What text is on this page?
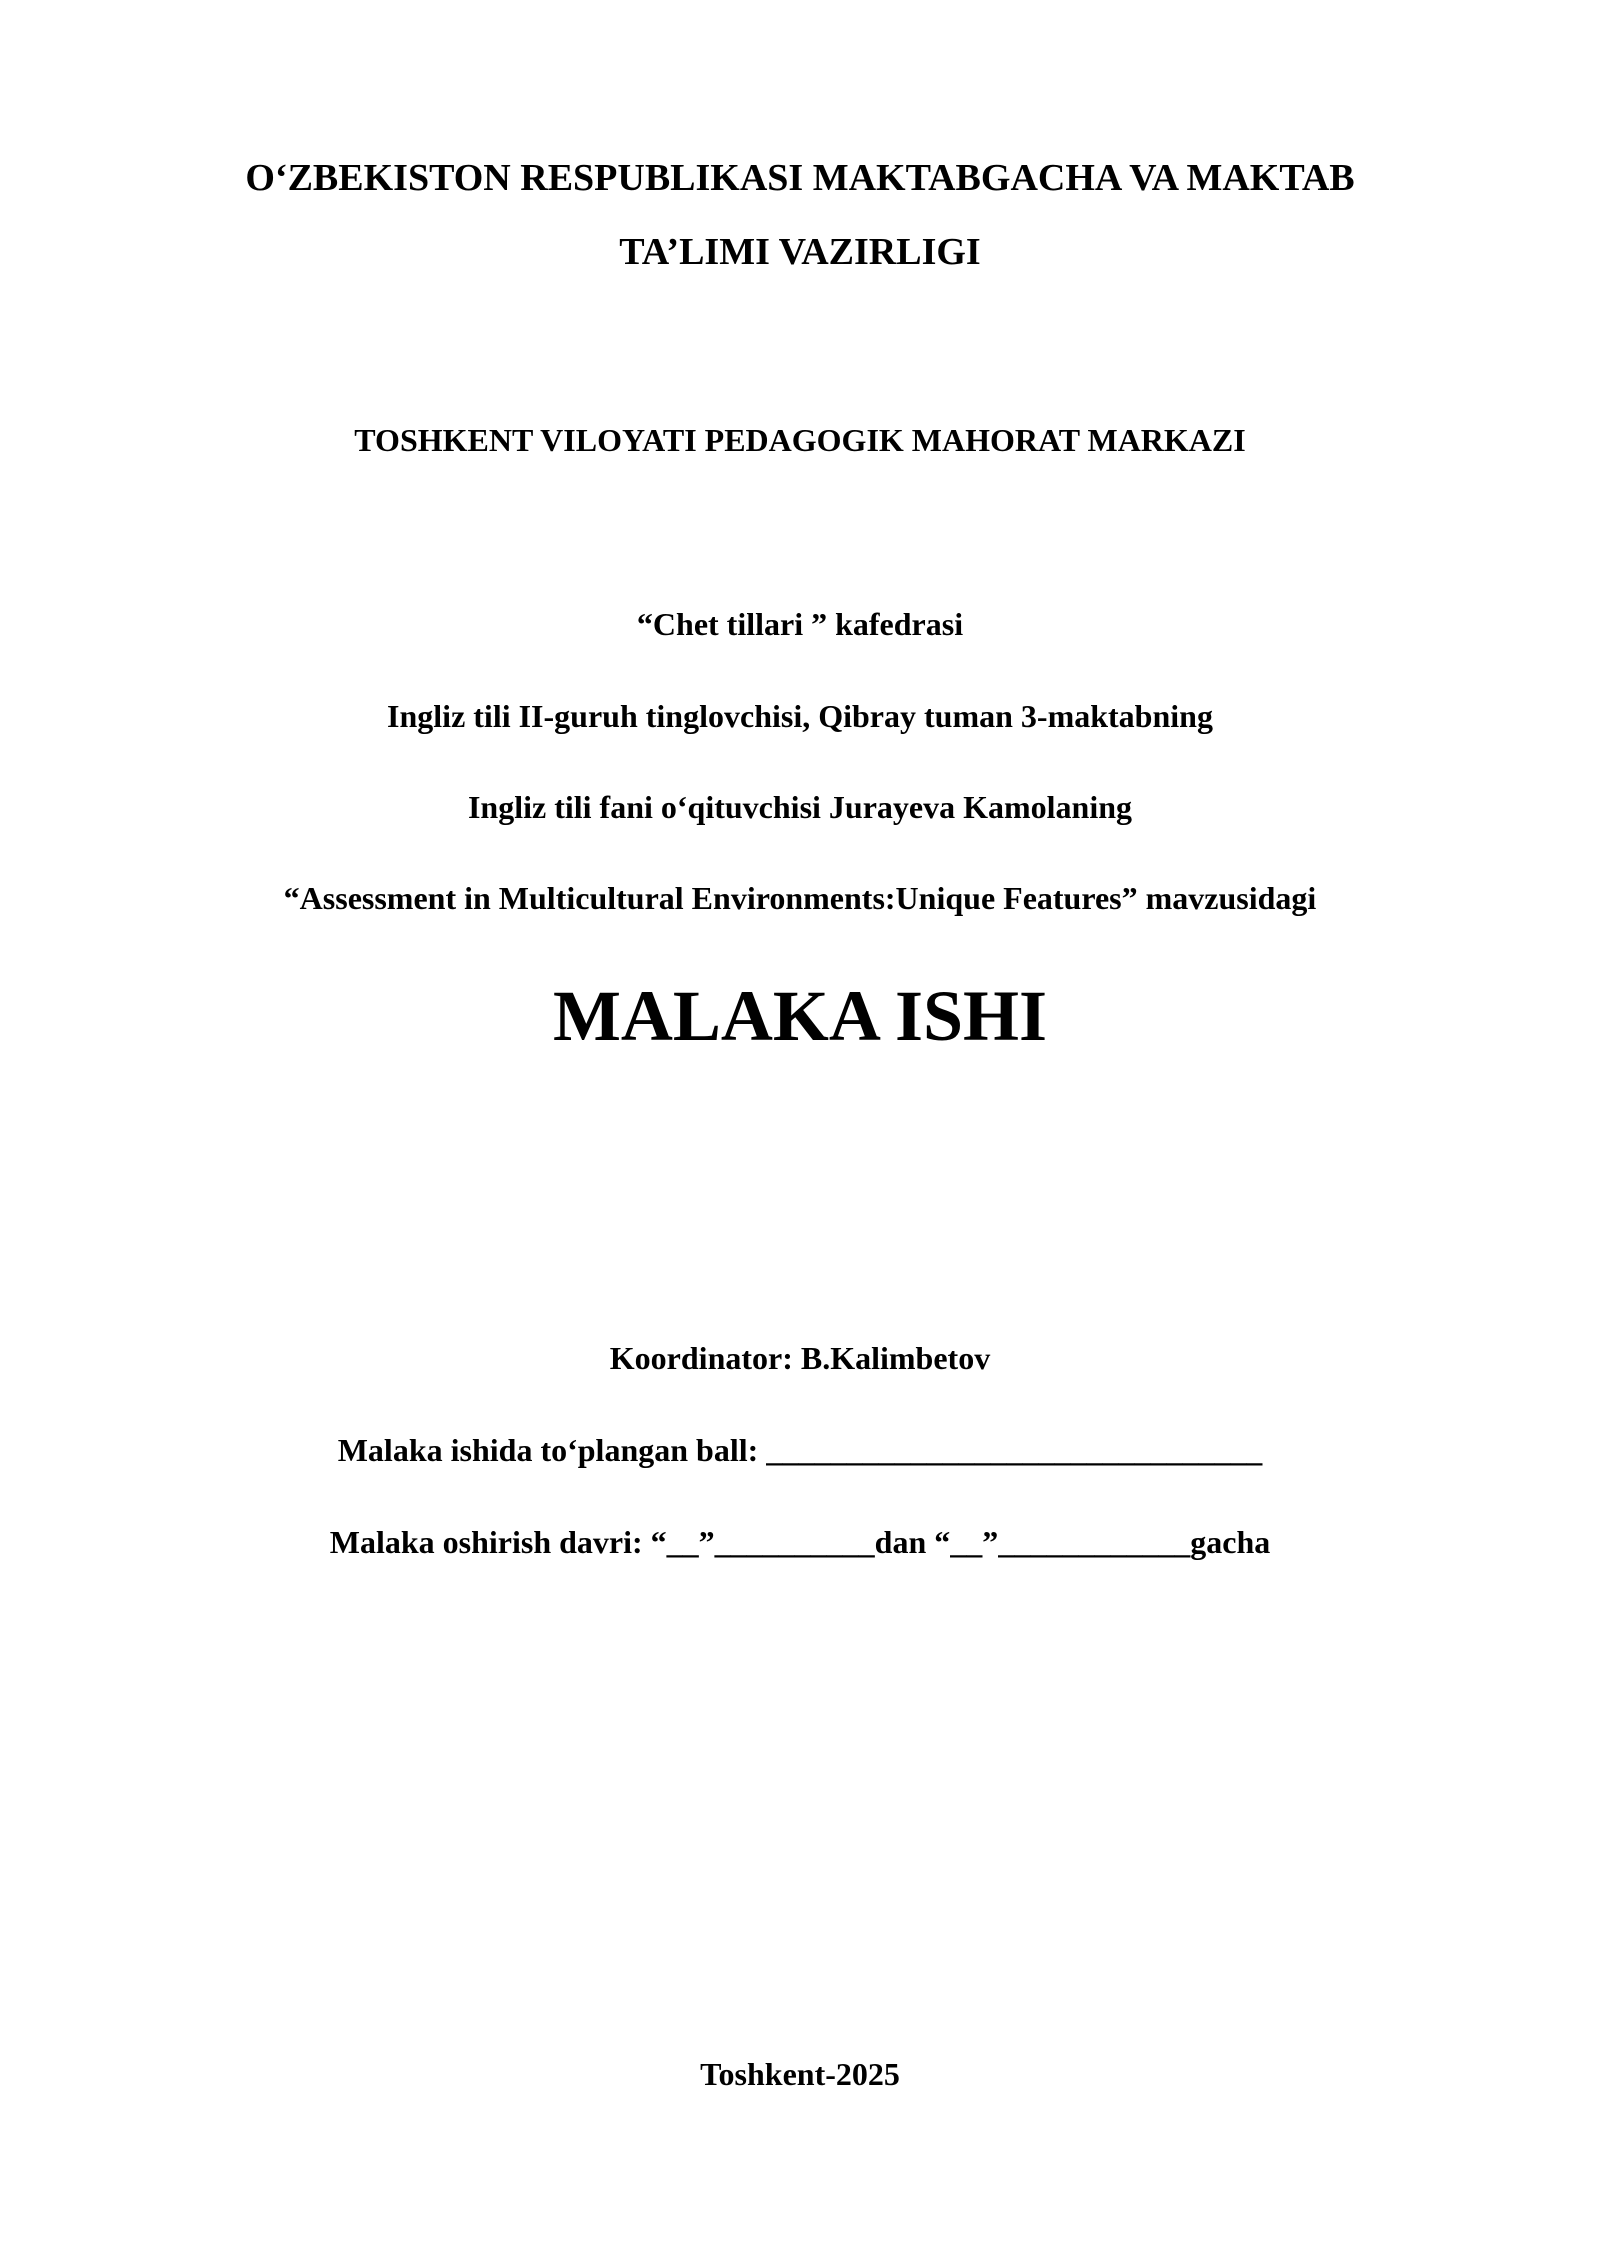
O‘ZBEKISTON RESPUBLIKASI MAKTABGACHA VA MAKTAB
TA’LIMI VAZIRLIGI
TOSHKENT VILOYATI PEDAGOGIK MAHORAT MARKAZI
“Chet tillari ” kafedrasi
Ingliz tili II-guruh tinglovchisi, Qibray tuman 3-maktabning
Ingliz tili fani o‘qituvchisi Jurayeva Kamolaning
“Assessment in Multicultural Environments:Unique Features” mavzusidagi
MALAKA ISHI
Koordinator: B.Kalimbetov
Malaka ishida to‘plangan ball: _______________________________
Malaka oshirish davri: “__”__________dan “__”____________gacha
Toshkent-2025
